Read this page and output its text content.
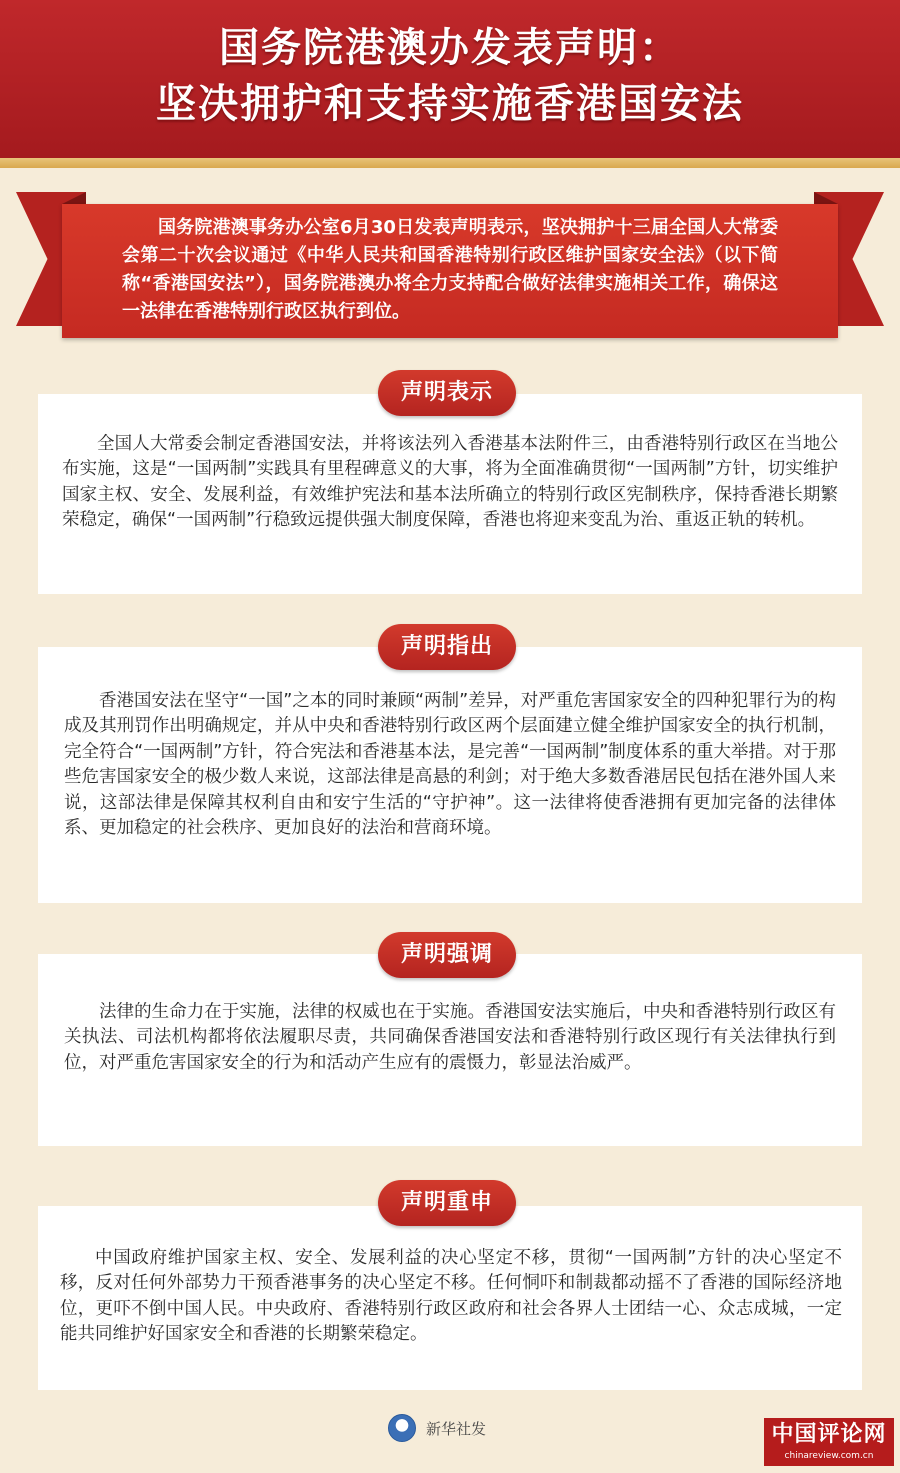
国务院港澳办发表声明：
坚决拥护和支持实施香港国安法

国务院港澳事务办公室6月30日发表声明表示，坚决拥护十三届全国人大常委会第二十次会议通过《中华人民共和国香港特别行政区维护国家安全法》（以下简称“香港国安法”），国务院港澳办将全力支持配合做好法律实施相关工作，确保这一法律在香港特别行政区执行到位。

全国人大常委会制定香港国安法，并将该法列入香港基本法附件三，由香港特别行政区在当地公布实施，这是“一国两制”实践具有里程碑意义的大事，将为全面准确贯彻“一国两制”方针，切实维护国家主权、安全、发展利益，有效维护宪法和基本法所确立的特别行政区宪制秩序，保持香港长期繁荣稳定，确保“一国两制”行稳致远提供强大制度保障，香港也将迎来变乱为治、重返正轨的转机。

声明表示

香港国安法在坚守“一国”之本的同时兼顾“两制”差异，对严重危害国家安全的四种犯罪行为的构成及其刑罚作出明确规定，并从中央和香港特别行政区两个层面建立健全维护国家安全的执行机制，完全符合“一国两制”方针，符合宪法和香港基本法，是完善“一国两制”制度体系的重大举措。对于那些危害国家安全的极少数人来说，这部法律是高悬的利剑；对于绝大多数香港居民包括在港外国人来说，这部法律是保障其权利自由和安宁生活的“守护神”。这一法律将使香港拥有更加完备的法律体系、更加稳定的社会秩序、更加良好的法治和营商环境。

声明指出

法律的生命力在于实施，法律的权威也在于实施。香港国安法实施后，中央和香港特别行政区有关执法、司法机构都将依法履职尽责，共同确保香港国安法和香港特别行政区现行有关法律执行到位，对严重危害国家安全的行为和活动产生应有的震慑力，彰显法治威严。

声明强调

中国政府维护国家主权、安全、发展利益的决心坚定不移，贯彻“一国两制”方针的决心坚定不移，反对任何外部势力干预香港事务的决心坚定不移。任何恫吓和制裁都动摇不了香港的国际经济地位，更吓不倒中国人民。中央政府、香港特别行政区政府和社会各界人士团结一心、众志成城，一定能共同维护好国家安全和香港的长期繁荣稳定。

声明重申
新华社发	中国评论网
chinareview.com.cn
